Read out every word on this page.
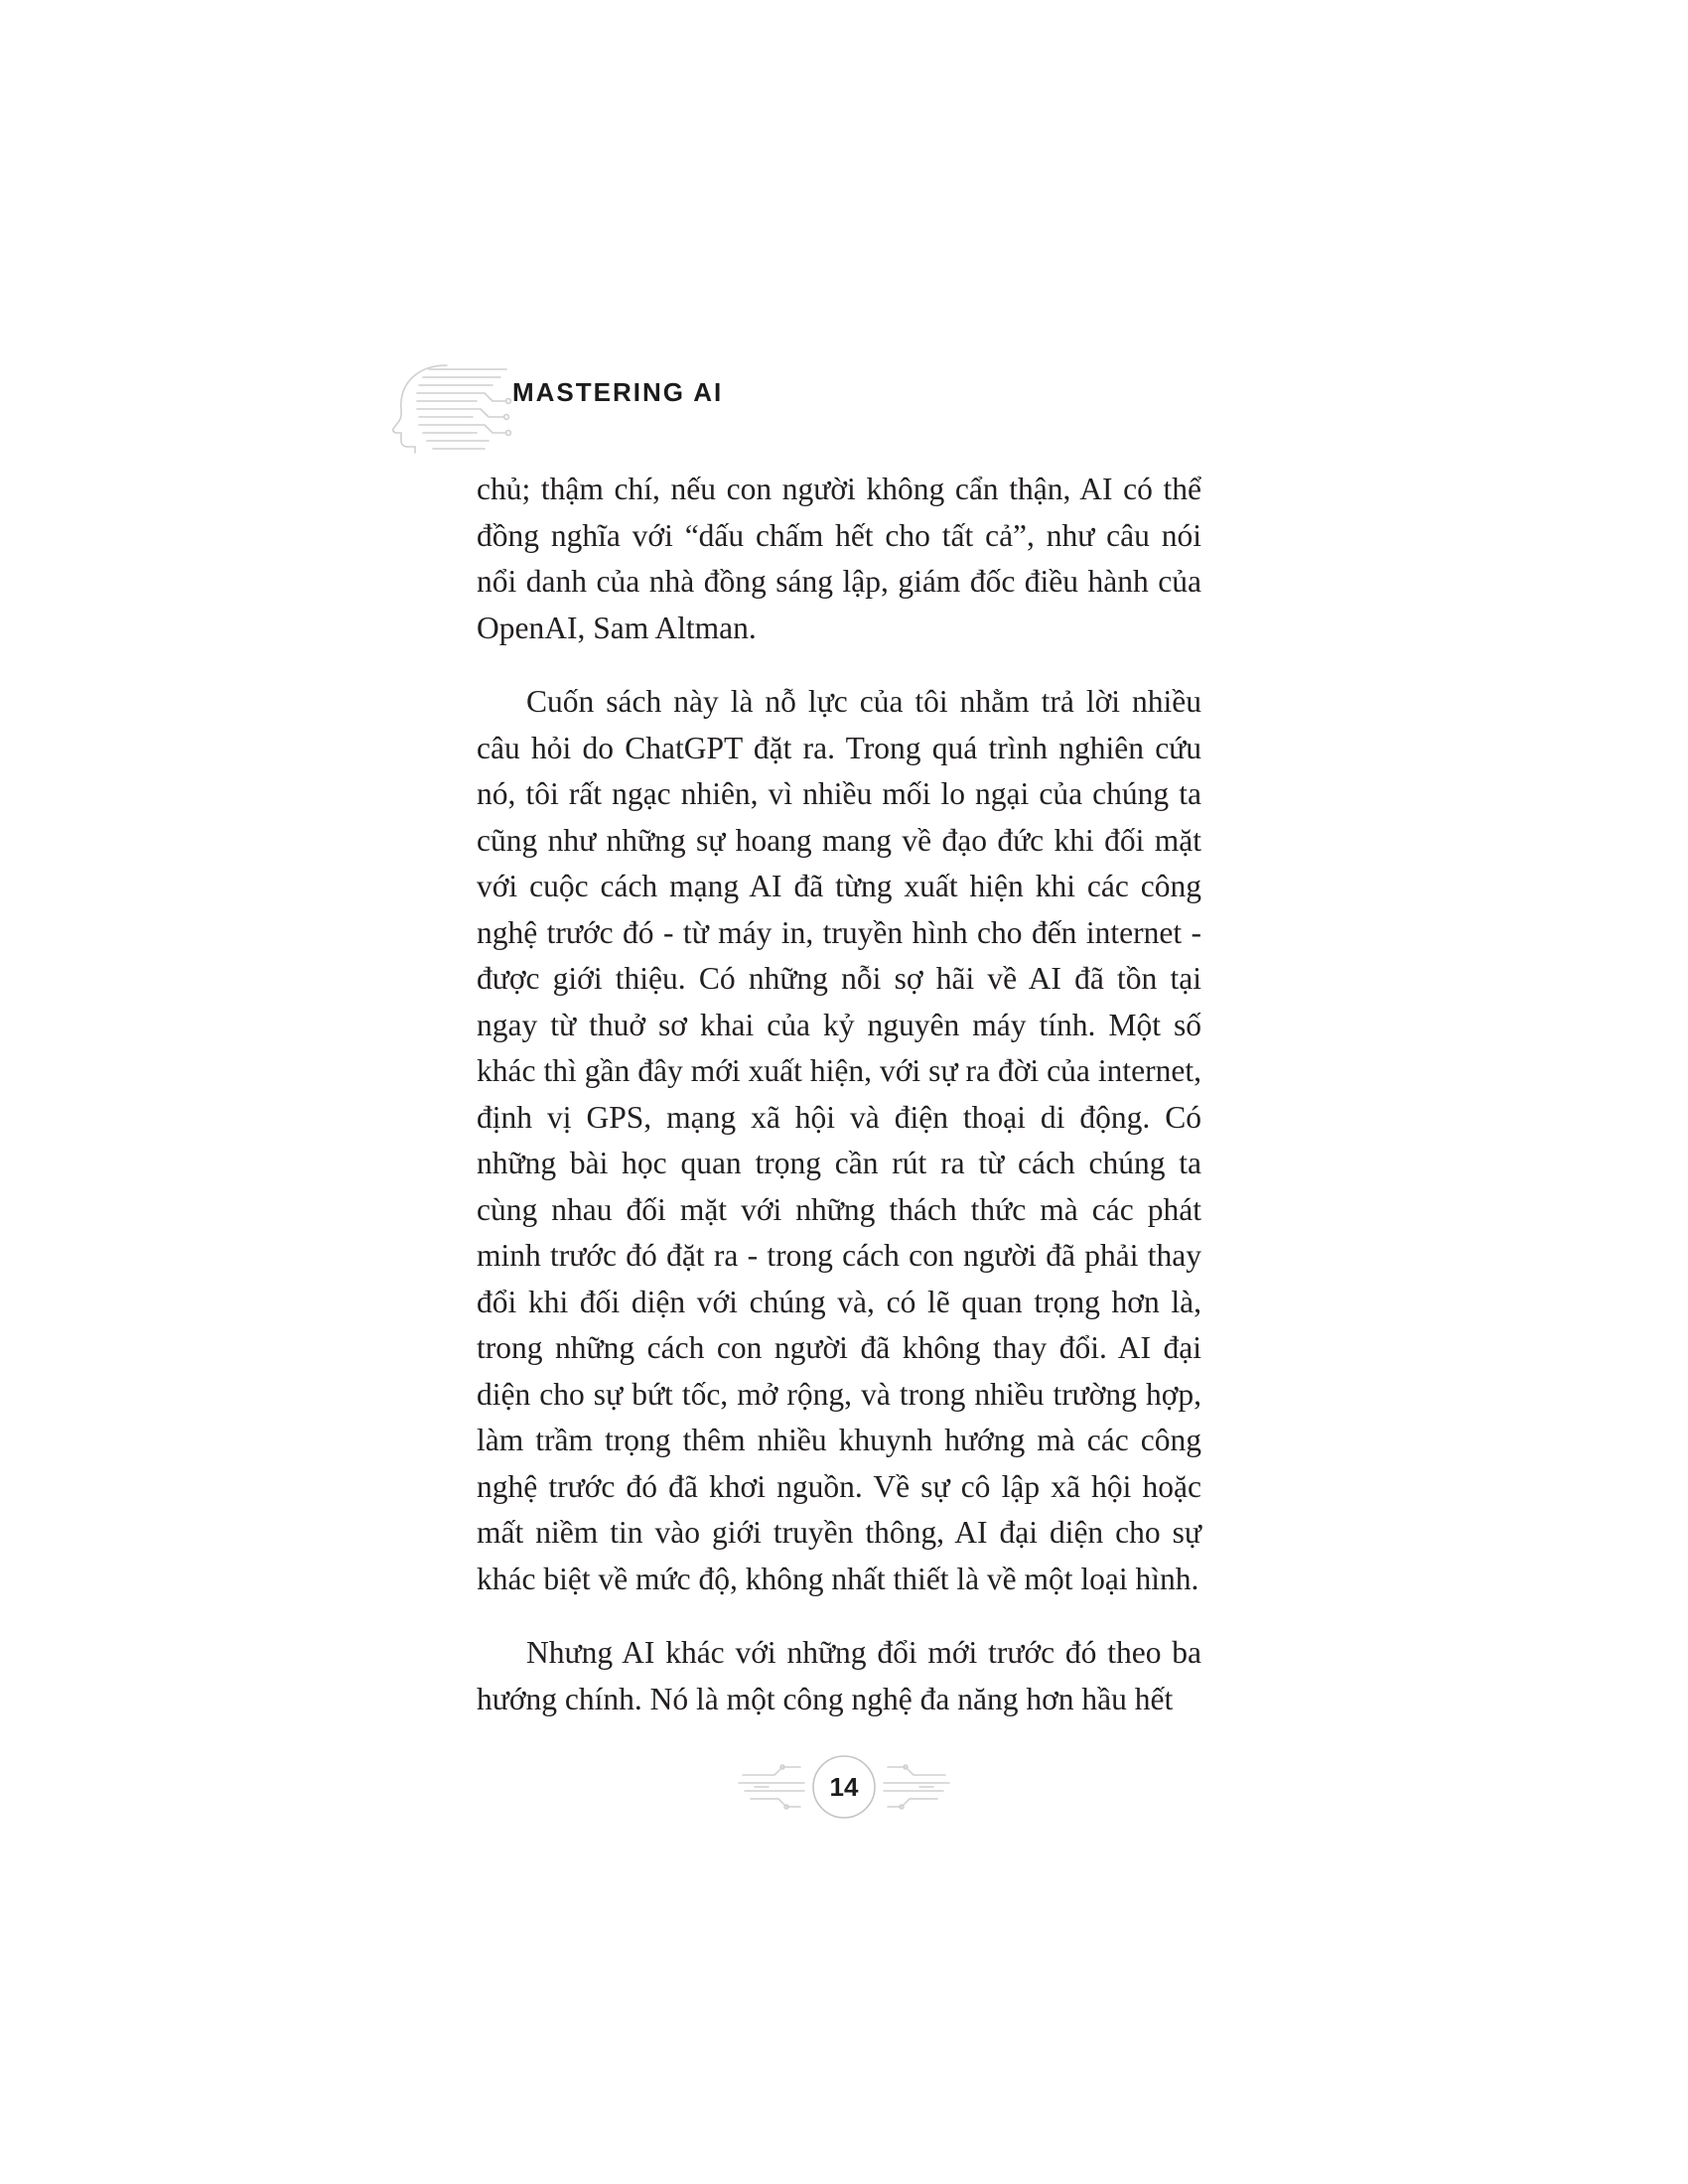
MASTERING AI

chủ; thậm chí, nếu con người không cẩn thận, AI có thể đồng nghĩa với “dấu chấm hết cho tất cả”, như câu nói nổi danh của nhà đồng sáng lập, giám đốc điều hành của OpenAI, Sam Altman.

Cuốn sách này là nỗ lực của tôi nhằm trả lời nhiều câu hỏi do ChatGPT đặt ra. Trong quá trình nghiên cứu nó, tôi rất ngạc nhiên, vì nhiều mối lo ngại của chúng ta cũng như những sự hoang mang về đạo đức khi đối mặt với cuộc cách mạng AI đã từng xuất hiện khi các công nghệ trước đó - từ máy in, truyền hình cho đến internet - được giới thiệu. Có những nỗi sợ hãi về AI đã tồn tại ngay từ thuở sơ khai của kỷ nguyên máy tính. Một số khác thì gần đây mới xuất hiện, với sự ra đời của internet, định vị GPS, mạng xã hội và điện thoại di động. Có những bài học quan trọng cần rút ra từ cách chúng ta cùng nhau đối mặt với những thách thức mà các phát minh trước đó đặt ra - trong cách con người đã phải thay đổi khi đối diện với chúng và, có lẽ quan trọng hơn là, trong những cách con người đã không thay đổi. AI đại diện cho sự bứt tốc, mở rộng, và trong nhiều trường hợp, làm trầm trọng thêm nhiều khuynh hướng mà các công nghệ trước đó đã khơi nguồn. Về sự cô lập xã hội hoặc mất niềm tin vào giới truyền thông, AI đại diện cho sự khác biệt về mức độ, không nhất thiết là về một loại hình.

Nhưng AI khác với những đổi mới trước đó theo ba hướng chính. Nó là một công nghệ đa năng hơn hầu hết

14
